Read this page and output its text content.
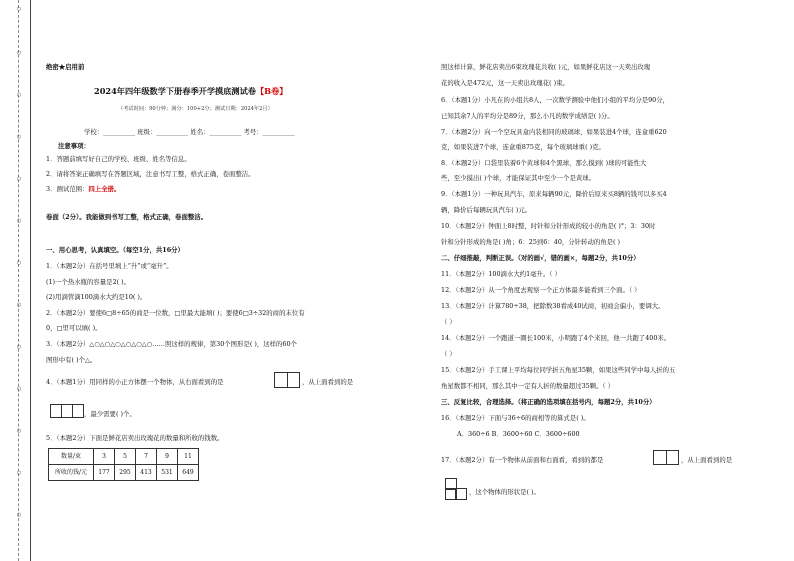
○
○
○
○
○
○
○
○
○
○
○
○
○
绝密★启用前
2024年四年级数学下册春季开学摸底测试卷【B卷】
（考试时间：90分钟；满分：100+2分；测试日期：2024年2月）
学校：__________ 班级：__________ 姓名：__________ 考号：__________
注意事项：
1．答题前填写好自己的学校、班级、姓名等信息。
2．请将答案正确填写在答题区域，注意书写工整，格式正确，卷面整洁。
3．测试范围：四上全册。
卷面（2分）。我能做到书写工整，格式正确，卷面整洁。
一、用心思考，认真填空。（每空1分，共16分）
1．（本题2分）在括号里填上“升”或“毫升”。
(1)一个热水瓶的容量是2( )。
(2)用滴管滴100滴水大约是10( )。
2．（本题2分）要使6□8÷65的商是一位数，□里最大能填( )；要使6□3÷32的商的末位有
0，□里可以填( )。
3．（本题2分）△○△○△○△○△○△○……照这样的规律，第30个图形是( )，这样的60个
图形中有( )个△。
4．（本题1分）用同样的小正方体摆一个物体，从右面看到的是	，从上面看到的是
，最少需要( )个。
5．（本题2分）下面是鲜花店卖出玫瑰花的数量和所收的钱数。
数量/束	3	5	7	9	11
所收的钱/元	177	295	413	531	649
照这样计算，鲜花店卖出6束玫瑰花共收( )元，如果鲜花店这一天卖出玫瑰
花的收入是472元，这一天卖出玫瑰花( )束。
6．（本题1分）小凡在的小组共8人，一次数学测验中他们小组的平均分是90分，
已知其余7人的平均分是89分，那么小凡的数学成绩是( )分。
7．（本题2分）向一个空玩具盒内装相同的玻璃球，如果装进4个球，连盒重620
克，如果装进7个球，连盒重875克，每个玻璃球重( )克。
8．（本题2分）口袋里装着6个黄球和4个黑球，那么摸到( )球的可能性大
些，至少摸出( )个球，才能保证其中至少一个是黄球。
9．（本题1分）一种玩具汽车，原来每辆90元，降价后原来买8辆的钱可以多买4
辆，降价后每辆玩具汽车( )元。
10．（本题2分）钟面上8时整，时针和分针形成的较小的角是( )°；3：30时
针和分针形成的角是( )角；6：25到6：40，分针转动的角是( )
二、仔细推敲，判断正误。（对的画√，错的画×，每题2分，共10分）
11．（本题2分）100滴水大约1毫升。（ ）
12．（本题2分）从一个角度去观察一个正方体最多能看到三个面。（ ）
13．（本题2分）计算780÷38，把除数38看成40试商，初商会偏小，要调大。
（ ）
14．（本题2分）一个跑道一圈长100米，小明跑了4个来回，他一共跑了400米。
（ ）
15．（本题2分）手工课上平均每位同学折五角星35颗，如果这些同学中每人折的五
角星数都不相同，那么其中一定有人折的数量超过35颗。（ ）
三、反复比较，合理选择。（将正确的选项填在括号内，每题2分，共10分）
16．（本题2分）下面与36÷6的商相等的算式是( )。
A．360÷6 B．3600÷60 C．3600÷600
17．（本题2分）有一个物体从前面和右面看，看到的都是	，从上面看到的是
，这个物体的形状是( )。
